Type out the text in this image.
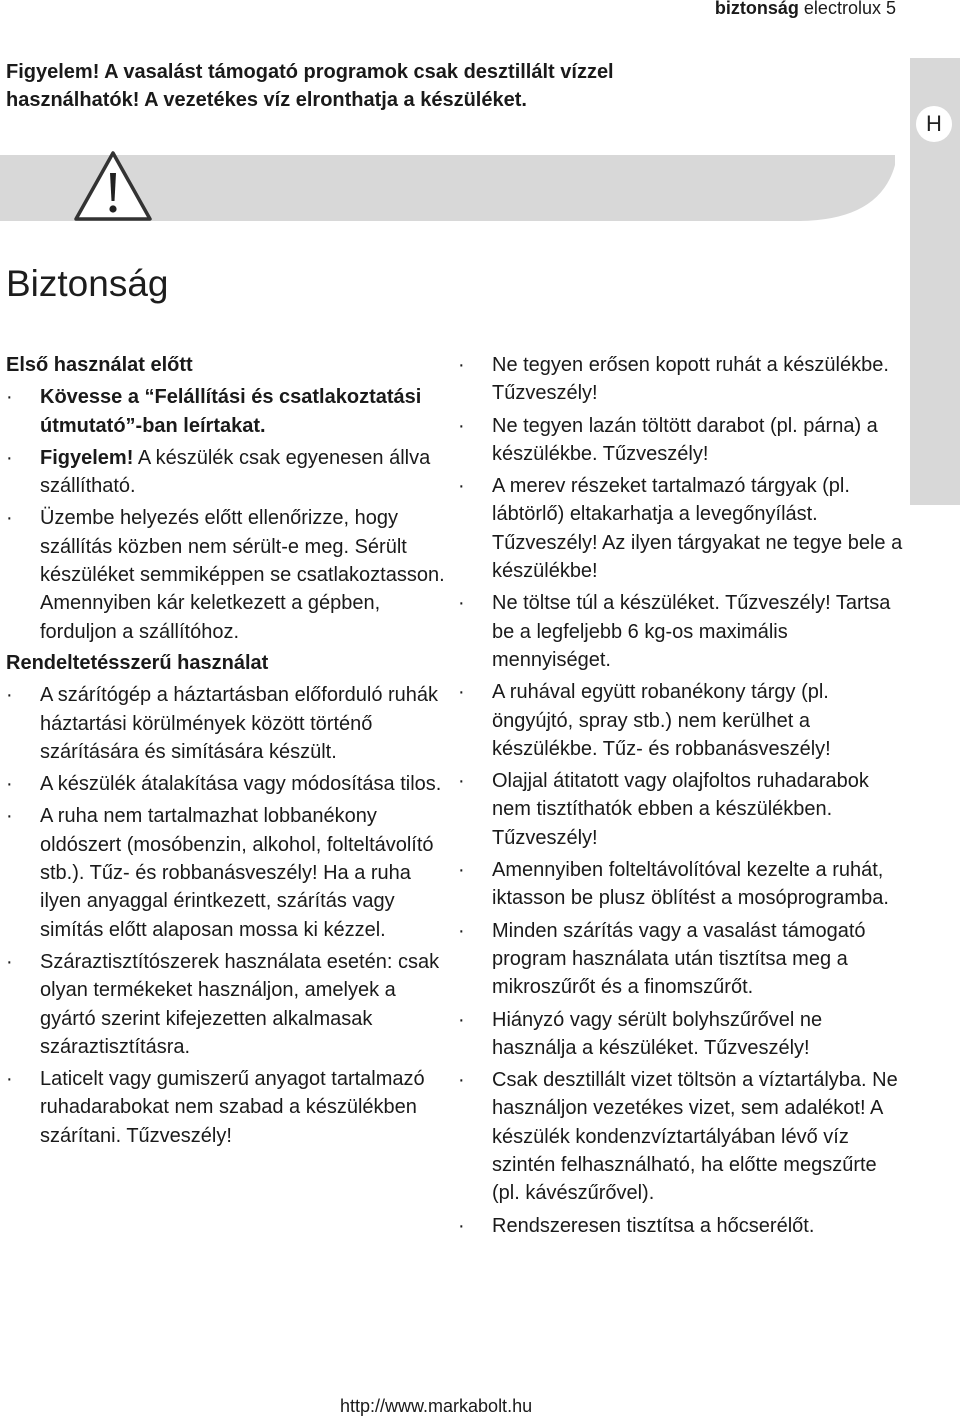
biztonság electrolux 5
Figyelem! A vasalást támogató programok csak desztillált vízzel
használhatók! A vezetékes víz elronthatja a készüléket.
H
Biztonság

Első használat előtt

· Kövesse a “Felállítási és csatlakoztatási útmutató”-ban leírtakat.
· Figyelem! A készülék csak egyenesen állva szállítható.
· Üzembe helyezés előtt ellenőrizze, hogy szállítás közben nem sérült-e meg. Sérült készüléket semmiképpen se csatlakoztasson. Amennyiben kár keletkezett a gépben, forduljon a szállítóhoz.

Rendeltetésszerű használat

· A szárítógép a háztartásban előforduló ruhák háztartási körülmények között történő szárítására és simítására készült.
· A készülék átalakítása vagy módosítása tilos.
· A ruha nem tartalmazhat lobbanékony oldószert (mosóbenzin, alkohol, folteltávolító stb.). Tűz- és robbanásveszély! Ha a ruha ilyen anyaggal érintkezett, szárítás vagy simítás előtt alaposan mossa ki kézzel.
· Száraztisztítószerek használata esetén: csak olyan termékeket használjon, amelyek a gyártó szerint kifejezetten alkalmasak száraztisztításra.
· Laticelt vagy gumiszerű anyagot tartalmazó ruhadarabokat nem szabad a készülékben szárítani. Tűzveszély!
· Ne tegyen erősen kopott ruhát a készülékbe. Tűzveszély!
· Ne tegyen lazán töltött darabot (pl. párna) a készülékbe. Tűzveszély!
· A merev részeket tartalmazó tárgyak (pl. lábtörlő) eltakarhatja a levegőnyílást. Tűzveszély! Az ilyen tárgyakat ne tegye bele a készülékbe!
· Ne töltse túl a készüléket. Tűzveszély! Tartsa be a legfeljebb 6 kg-os maximális mennyiséget.
· A ruhával együtt robanékony tárgy (pl. öngyújtó, spray stb.) nem kerülhet a készülékbe. Tűz- és robbanásveszély!
· Olajjal átitatott vagy olajfoltos ruhadarabok nem tisztíthatók ebben a készülékben. Tűzveszély!
· Amennyiben folteltávolítóval kezelte a ruhát, iktasson be plusz öblítést a mosóprogramba.
· Minden szárítás vagy a vasalást támogató program használata után tisztítsa meg a mikroszűrőt és a finomszűrőt.
· Hiányzó vagy sérült bolyhszűrővel ne használja a készüléket. Tűzveszély!
· Csak desztillált vizet töltsön a víztartályba. Ne használjon vezetékes vizet, sem adalékot! A készülék kondenzvíztartályában lévő víz szintén felhasználható, ha előtte megszűrte (pl. kávészűrővel).
· Rendszeresen tisztítsa a hőcserélőt.
http://www.markabolt.hu
